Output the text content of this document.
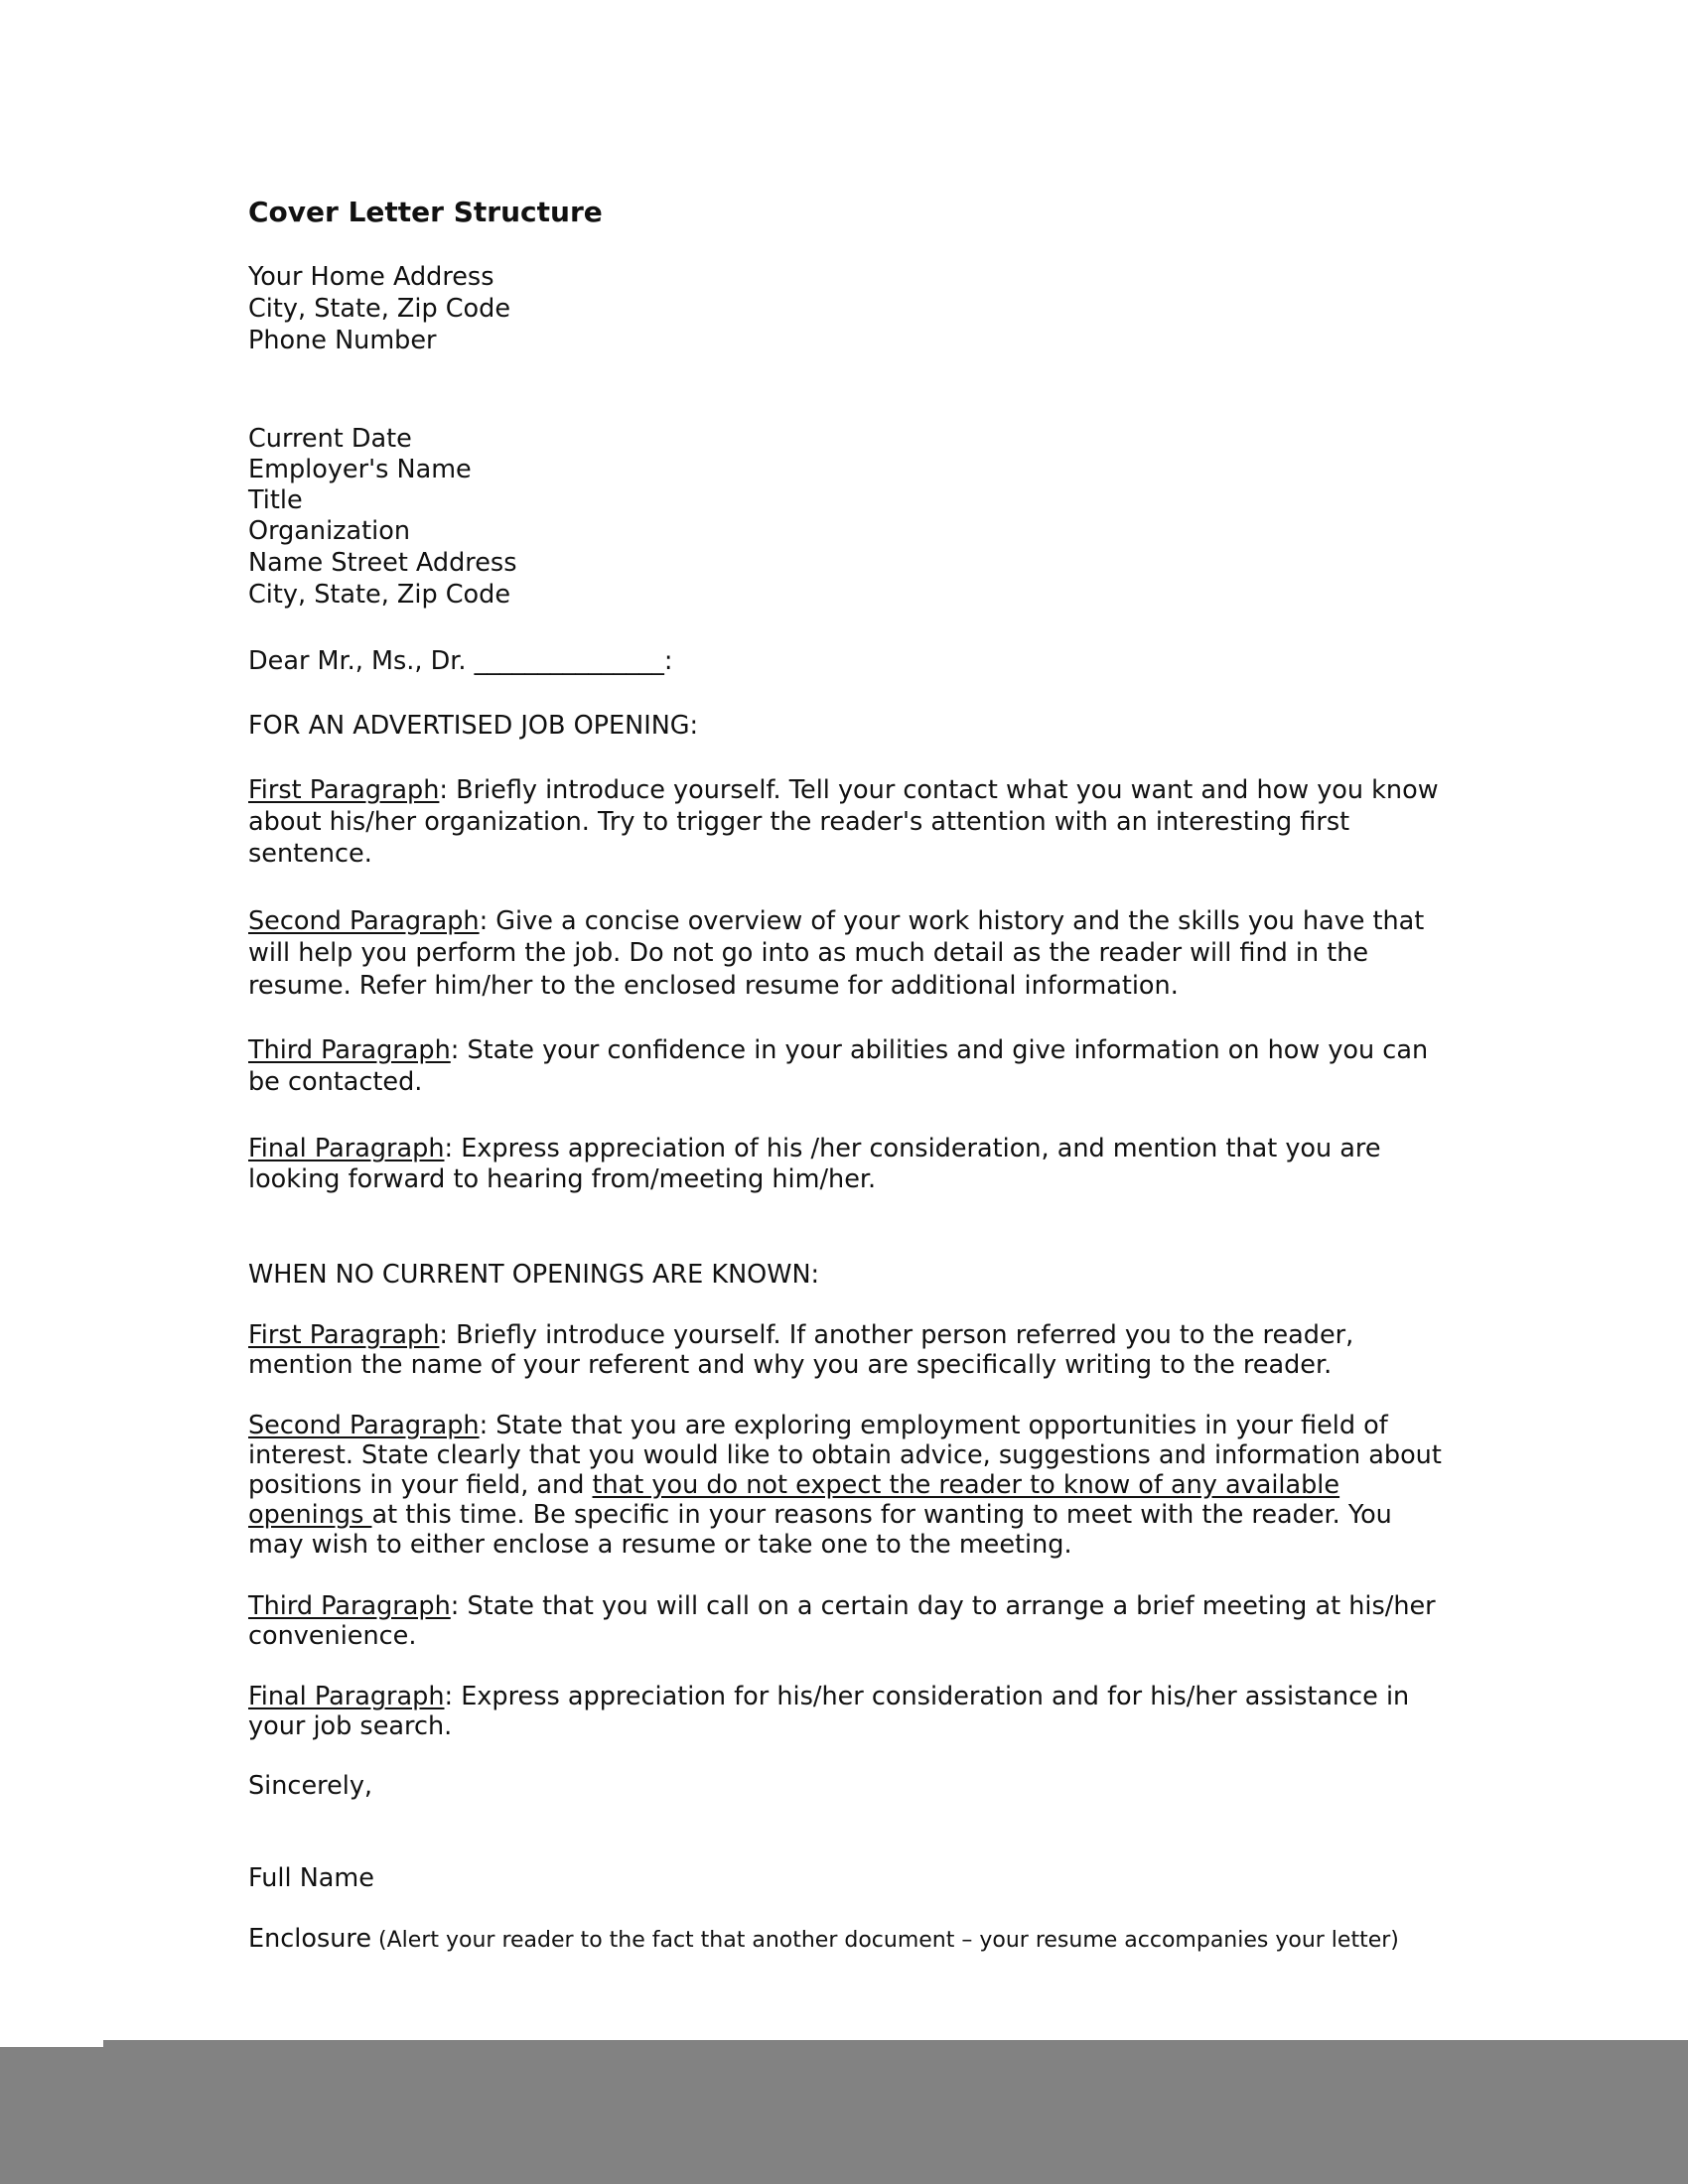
Cover Letter Structure
Your Home Address
City, State, Zip Code
Phone Number
Current Date
Employer's Name
Title
Organization
Name Street Address
City, State, Zip Code
Dear Mr., Ms., Dr. _______________:
FOR AN ADVERTISED JOB OPENING:
First Paragraph: Briefly introduce yourself. Tell your contact what you want and how you know
about his/her organization. Try to trigger the reader's attention with an interesting first
sentence.
Second Paragraph: Give a concise overview of your work history and the skills you have that
will help you perform the job. Do not go into as much detail as the reader will find in the
resume. Refer him/her to the enclosed resume for additional information.
Third Paragraph: State your confidence in your abilities and give information on how you can
be contacted.
Final Paragraph: Express appreciation of his /her consideration, and mention that you are
looking forward to hearing from/meeting him/her.
WHEN NO CURRENT OPENINGS ARE KNOWN:
First Paragraph: Briefly introduce yourself. If another person referred you to the reader,
mention the name of your referent and why you are specifically writing to the reader.
Second Paragraph: State that you are exploring employment opportunities in your field of
interest. State clearly that you would like to obtain advice, suggestions and information about
positions in your field, and that you do not expect the reader to know of any available
openings at this time. Be specific in your reasons for wanting to meet with the reader. You
may wish to either enclose a resume or take one to the meeting.
Third Paragraph: State that you will call on a certain day to arrange a brief meeting at his/her
convenience.
Final Paragraph: Express appreciation for his/her consideration and for his/her assistance in
your job search.
Sincerely,
Full Name
Enclosure (Alert your reader to the fact that another document – your resume accompanies your letter)
